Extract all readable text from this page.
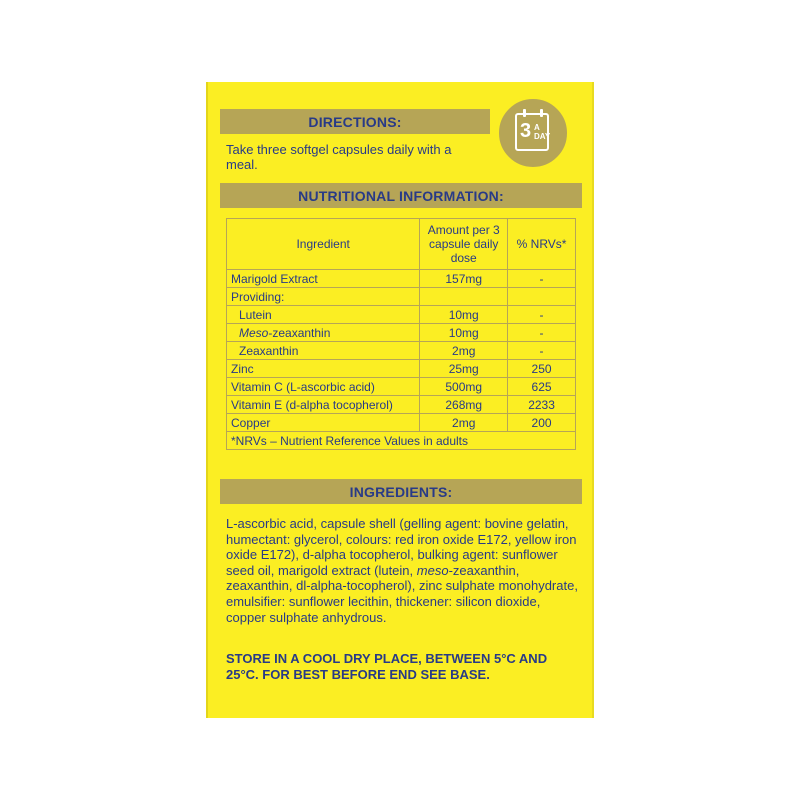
DIRECTIONS:	3 A
DAY
Take three softgel capsules daily with a meal.
NUTRITIONAL INFORMATION:
Ingredient	Amount per 3 capsule daily dose	% NRVs*
Marigold Extract	157mg	-
Providing:		
Lutein	10mg	-
Meso-zeaxanthin	10mg	-
Zeaxanthin	2mg	-
Zinc	25mg	250
Vitamin C (L-ascorbic acid)	500mg	625
Vitamin E (d-alpha tocopherol)	268mg	2233
Copper	2mg	200
*NRVs – Nutrient Reference Values in adults		
INGREDIENTS:
L-ascorbic acid, capsule shell (gelling agent: bovine gelatin, humectant: glycerol, colours: red iron oxide E172, yellow iron oxide E172), d-alpha tocopherol, bulking agent: sunflower seed oil, marigold extract (lutein, meso-zeaxanthin, zeaxanthin, dl-alpha-tocopherol), zinc sulphate monohydrate, emulsifier: sunflower lecithin, thickener: silicon dioxide, copper sulphate anhydrous.
STORE IN A COOL DRY PLACE, BETWEEN 5°C AND 25°C. FOR BEST BEFORE END SEE BASE.
